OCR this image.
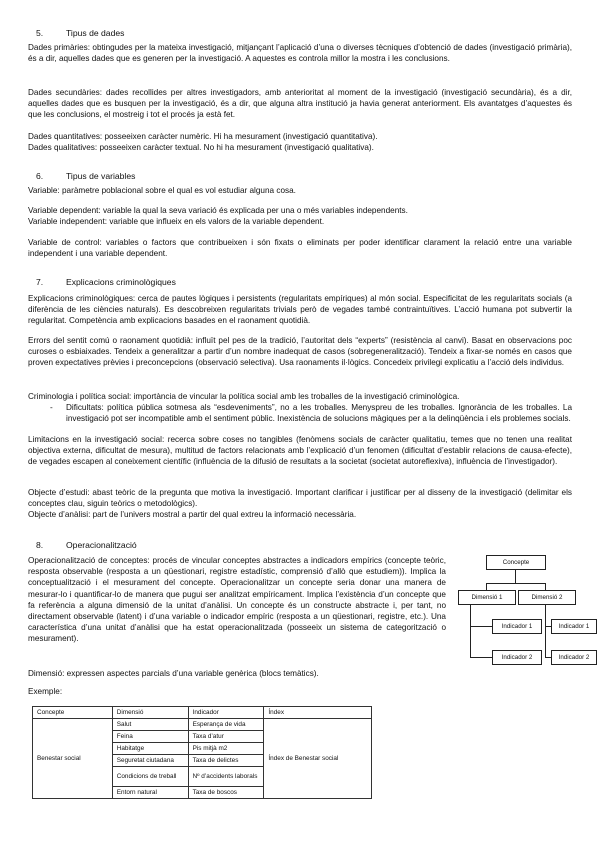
5.	Tipus de dades
Dades primàries: obtingudes per la mateixa investigació, mitjançant l’aplicació d’una o diverses tècniques d’obtenció de dades (investigació primària), és a dir, aquelles dades que es generen per la investigació. A aquestes es controla millor la mostra i les conclusions.
Dades secundàries: dades recollides per altres investigadors, amb anterioritat al moment de la investigació (investigació secundària), és a dir, aquelles dades que es busquen per la investigació, és a dir, que alguna altra institució ja havia generat anteriorment. Els avantatges d’aquestes és que les conclusions, el mostreig i tot el procés ja està fet.
Dades quantitatives: posseeixen caràcter numèric. Hi ha mesurament (investigació quantitativa).
Dades qualitatives: posseeixen caràcter textual. No hi ha mesurament (investigació qualitativa).
6.	Tipus de variables
Variable: paràmetre poblacional sobre el qual es vol estudiar alguna cosa.
Variable dependent: variable la qual la seva variació és explicada per una o més variables independents.
Variable independent: variable que influeix en els valors de la variable dependent.
Variable de control: variables o factors que contribueixen i són fixats o eliminats per poder identificar clarament la relació entre una variable independent i una variable dependent.
7.	Explicacions criminològiques
Explicacions criminològiques: cerca de pautes lògiques i persistents (regularitats empíriques) al món social. Especificitat de les regularitats socials (a diferència de les ciències naturals). Es descobreixen regularitats trivials però de vegades també contraintuïtives. L’acció humana pot subvertir la regularitat. Competència amb explicacions basades en el raonament quotidià.
Errors del sentit comú o raonament quotidià: influït pel pes de la tradició, l’autoritat dels “experts” (resistència al canvi). Basat en observacions poc curoses o esbiaixades. Tendeix a generalitzar a partir d’un nombre inadequat de casos (sobregeneralització). Tendeix a fixar-se només en casos que proven expectatives prèvies i preconcepcions (observació selectiva). Usa raonaments il·lògics. Concedeix privilegi explicatiu a l’acció dels individus.
Criminologia i política social: importància de vincular la política social amb les troballes de la investigació criminològica.
- Dificultats: política pública sotmesa als “esdeveniments”, no a les troballes. Menyspreu de les troballes. Ignorància de les troballes. La investigació pot ser incompatible amb el sentiment públic. Inexistència de solucions màgiques per a la delinqüència i els problemes socials.
Limitacions en la investigació social: recerca sobre coses no tangibles (fenòmens socials de caràcter qualitatiu, temes que no tenen una realitat objectiva externa, dificultat de mesura), multitud de factors relacionats amb l’explicació d’un fenomen (dificultat d’establir relacions de causa-efecte), de vegades escapen al coneixement científic (influència de la difusió de resultats a la societat (societat autoreflexiva), influència de l’investigador).
Objecte d’estudi: abast teòric de la pregunta que motiva la investigació. Important clarificar i justificar per al disseny de la investigació (delimitar els conceptes clau, siguin teòrics o metodològics).
Objecte d’anàlisi: part de l’univers mostral a partir del qual extreu la informació necessària.
8.	Operacionalització
Operacionalització de conceptes: procés de vincular conceptes abstractes a indicadors empírics (concepte teòric, resposta observable (resposta a un qüestionari, registre estadístic, comprensió d’allò que estudiem)). Implica la conceptualització i el mesurament del concepte. Operacionalitzar un concepte seria donar una manera de mesurar-lo i quantificar-lo de manera que pugui ser analitzat empíricament. Implica l’existència d’un concepte que fa referència a alguna dimensió de la unitat d’anàlisi. Un concepte és un constructe abstracte i, per tant, no directament observable (latent) i d’una variable o indicador empíric (resposta a un qüestionari, registre, etc.). Una característica d’una unitat d’anàlisi que ha estat operacionalitzada (posseeix un sistema de categorització o mesurament).
Dimensió: expressen aspectes parcials d’una variable genèrica (blocs temàtics).
Exemple:
Concepte
Dimensió 1	Dimensió 2
Indicador 1
Indicador 2
Indicador 1
Indicador 2
Concepte	Dimensió	Indicador	Índex
Benestar social	Salut	Esperança de vida	Índex de Benestar social
	Feina	Taxa d’atur	
	Habitatge	Pis mitjà m2	
	Seguretat ciutadana	Taxa de delictes	
	Condicions de treball	Nº d’accidents laborals	
	Entorn natural	Taxa de boscos	
